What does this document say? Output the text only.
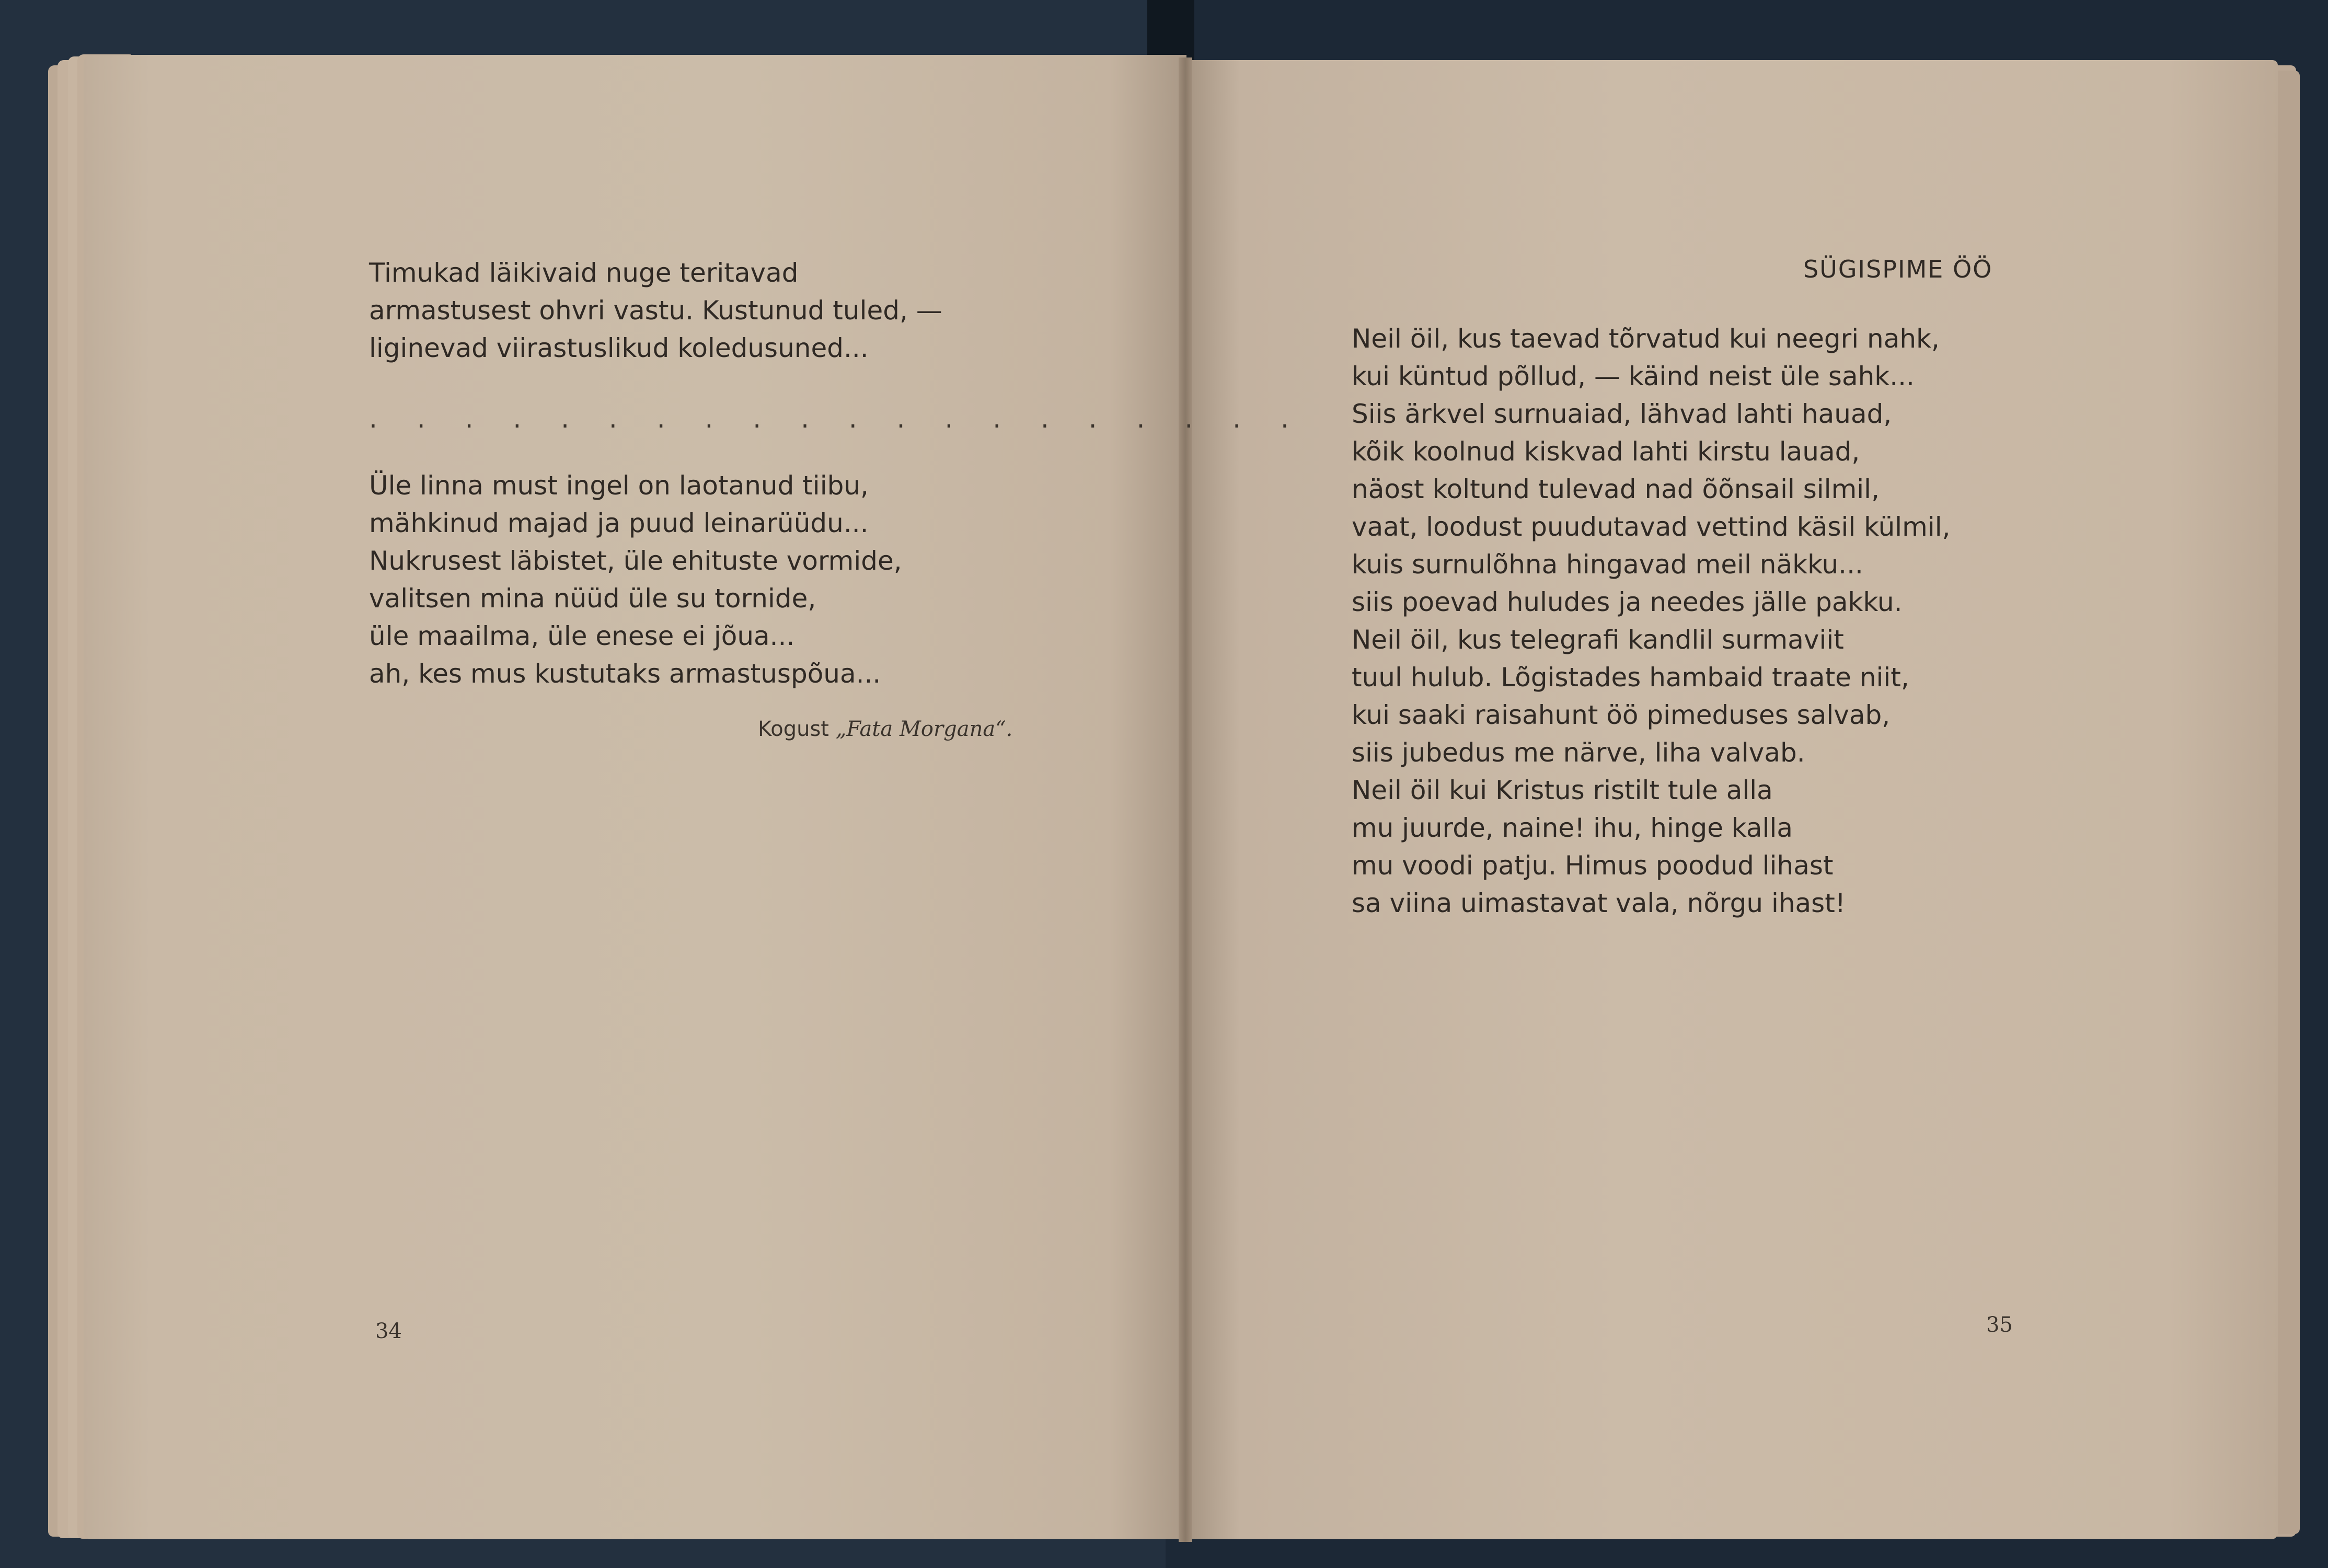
Timukad läikivaid nuge teritavad
armastusest ohvri vastu. Kustunud tuled, —
liginevad viirastuslikud koledusuned...
. . . . . . . . . . . . . . . . . . . .
Üle linna must ingel on laotanud tiibu,
mähkinud majad ja puud leinarüüdu...
Nukrusest läbistet, üle ehituste vormide,
valitsen mina nüüd üle su tornide,
üle maailma, üle enese ei jõua...
ah, kes mus kustutaks armastuspõua...
Kogust „Fata Morgana“.
34
SÜGISPIME ÖÖ
Neil öil, kus taevad tõrvatud kui neegri nahk,
kui küntud põllud, — käind neist üle sahk...
Siis ärkvel surnuaiad, lähvad lahti hauad,
kõik koolnud kiskvad lahti kirstu lauad,
näost koltund tulevad nad õõnsail silmil,
vaat, loodust puudutavad vettind käsil külmil,
kuis surnulõhna hingavad meil näkku...
siis poevad huludes ja needes jälle pakku.
Neil öil, kus telegrafi kandlil surmaviit
tuul hulub. Lõgistades hambaid traate niit,
kui saaki raisahunt öö pimeduses salvab,
siis jubedus me närve, liha valvab.
Neil öil kui Kristus ristilt tule alla
mu juurde, naine! ihu, hinge kalla
mu voodi patju. Himus poodud lihast
sa viina uimastavat vala, nõrgu ihast!
35
